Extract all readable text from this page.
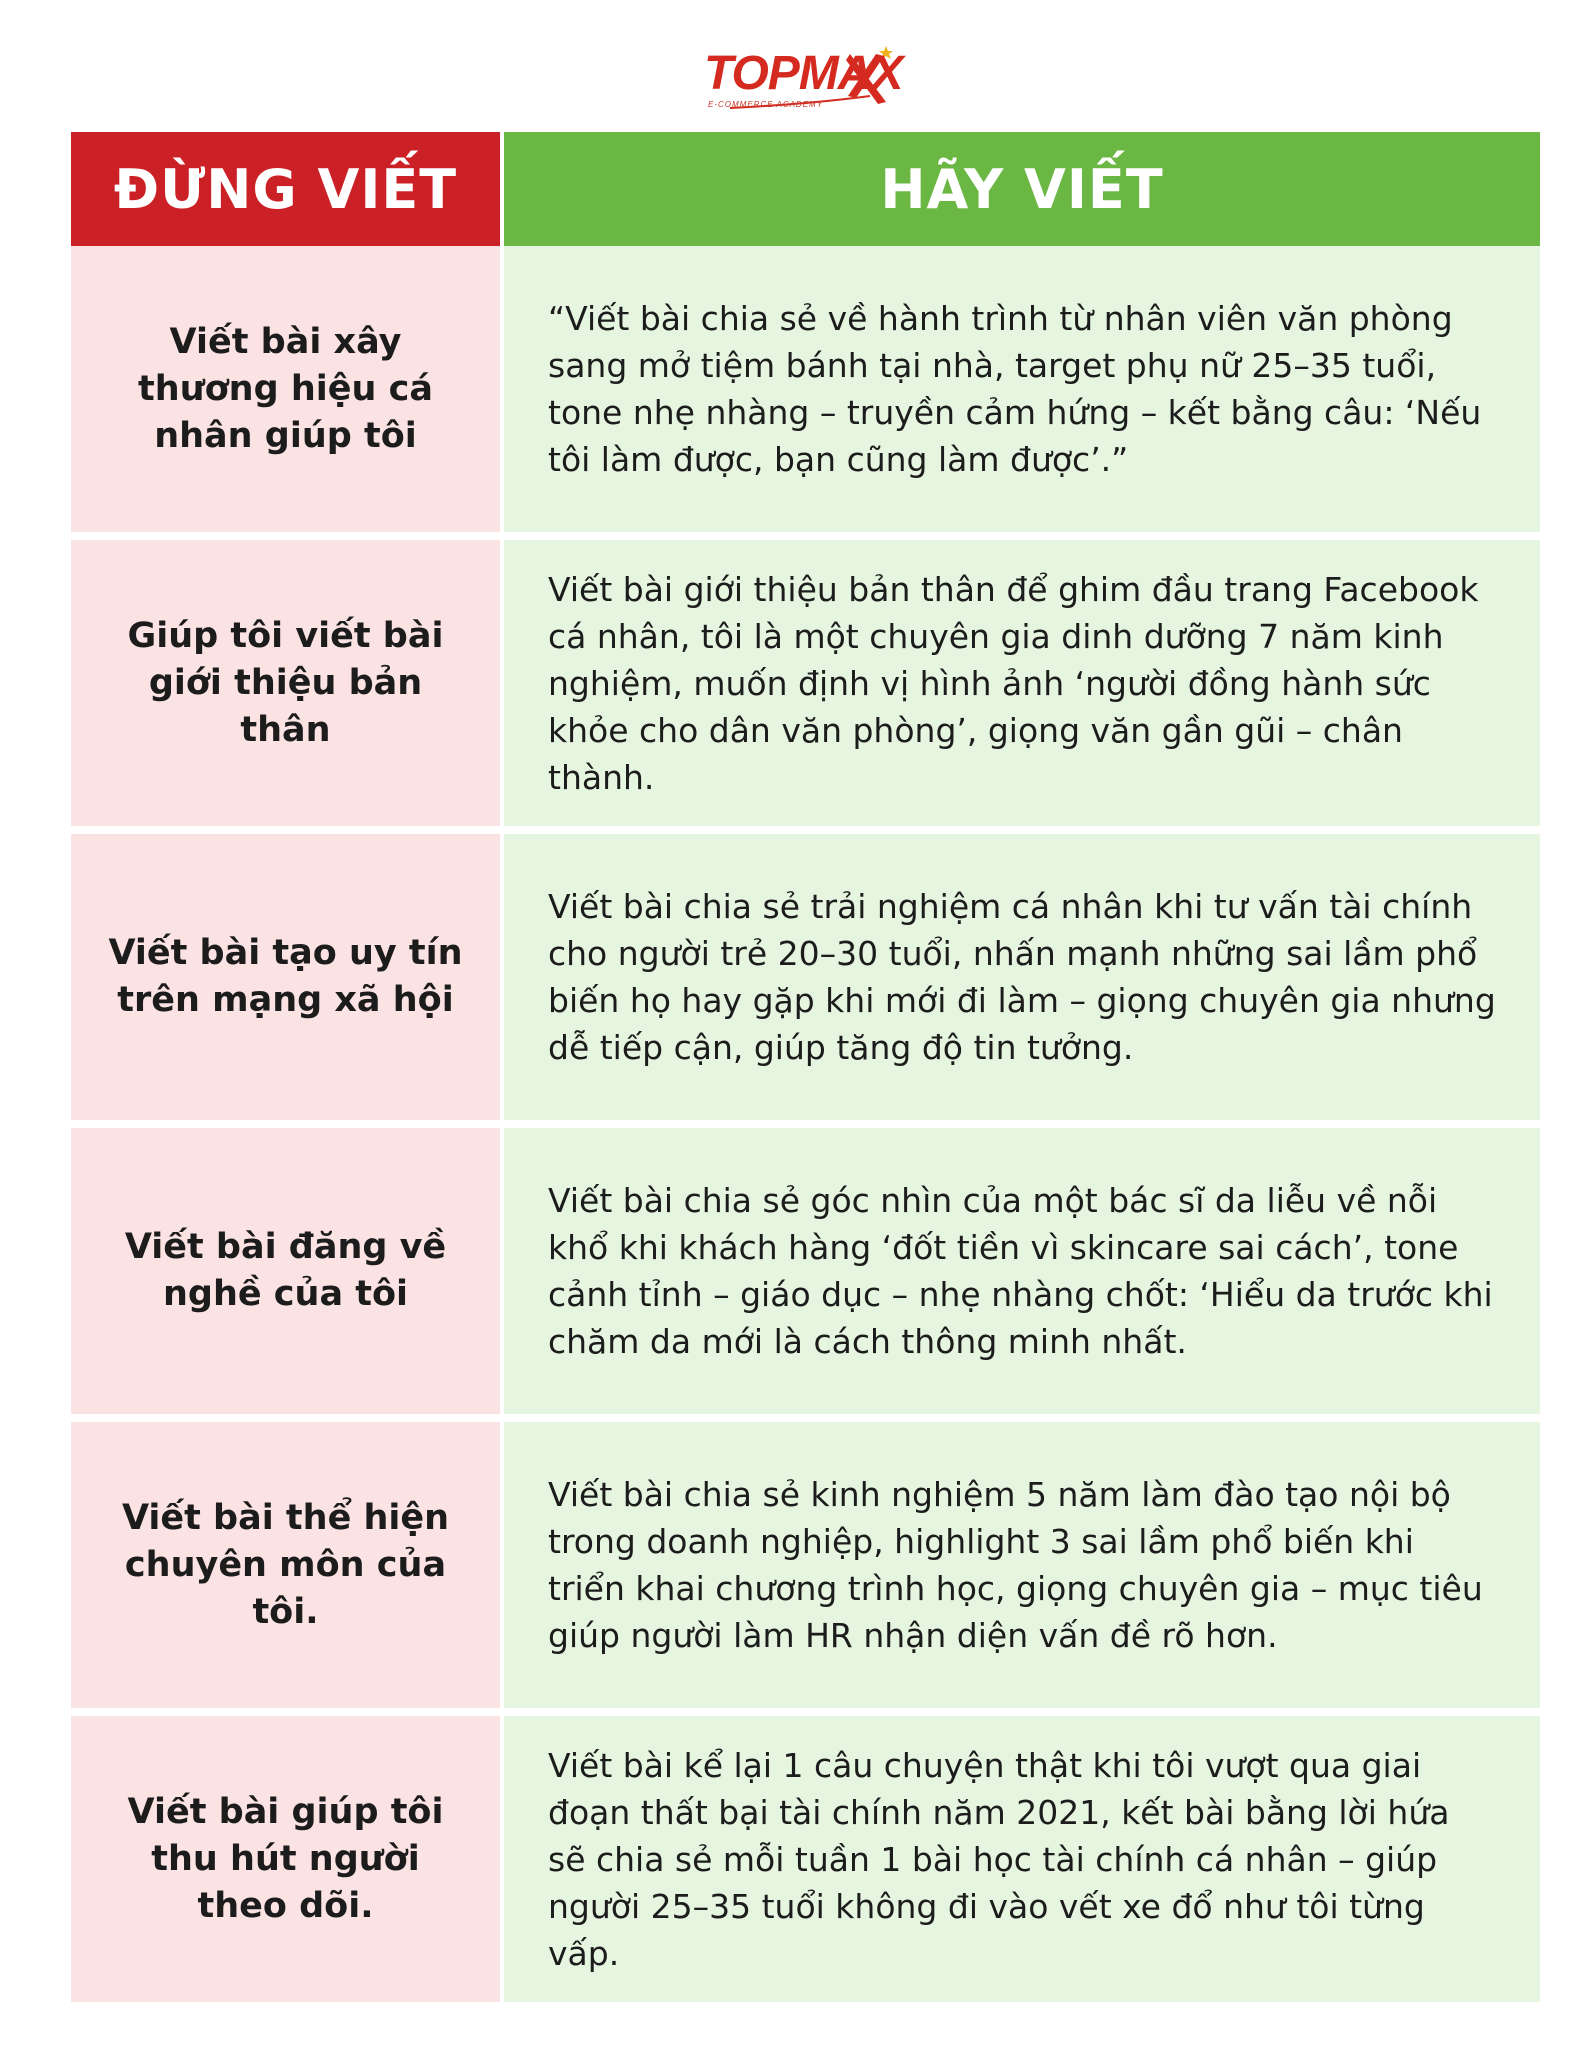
TOPMAX
E-COMMERCE ACADEMY
ĐỪNG VIẾT	HÃY VIẾT
Viết bài xây thương hiệu cá nhân giúp tôi
“Viết bài chia sẻ về hành trình từ nhân viên văn phòng sang mở tiệm bánh tại nhà, target phụ nữ 25–35 tuổi, tone nhẹ nhàng – truyền cảm hứng – kết bằng câu: ‘Nếu tôi làm được, bạn cũng làm được’.”
Giúp tôi viết bài giới thiệu bản thân
Viết bài giới thiệu bản thân để ghim đầu trang Facebook cá nhân, tôi là một chuyên gia dinh dưỡng 7 năm kinh nghiệm, muốn định vị hình ảnh ‘người đồng hành sức khỏe cho dân văn phòng’, giọng văn gần gũi – chân thành.
Viết bài tạo uy tín trên mạng xã hội
Viết bài chia sẻ trải nghiệm cá nhân khi tư vấn tài chính cho người trẻ 20–30 tuổi, nhấn mạnh những sai lầm phổ biến họ hay gặp khi mới đi làm – giọng chuyên gia nhưng dễ tiếp cận, giúp tăng độ tin tưởng.
Viết bài đăng về nghề của tôi
Viết bài chia sẻ góc nhìn của một bác sĩ da liễu về nỗi khổ khi khách hàng ‘đốt tiền vì skincare sai cách’, tone cảnh tỉnh – giáo dục – nhẹ nhàng chốt: ‘Hiểu da trước khi chăm da mới là cách thông minh nhất.
Viết bài thể hiện chuyên môn của tôi.
Viết bài chia sẻ kinh nghiệm 5 năm làm đào tạo nội bộ trong doanh nghiệp, highlight 3 sai lầm phổ biến khi triển khai chương trình học, giọng chuyên gia – mục tiêu giúp người làm HR nhận diện vấn đề rõ hơn.
Viết bài giúp tôi thu hút người theo dõi.
Viết bài kể lại 1 câu chuyện thật khi tôi vượt qua giai đoạn thất bại tài chính năm 2021, kết bài bằng lời hứa sẽ chia sẻ mỗi tuần 1 bài học tài chính cá nhân – giúp người 25–35 tuổi không đi vào vết xe đổ như tôi từng vấp.
